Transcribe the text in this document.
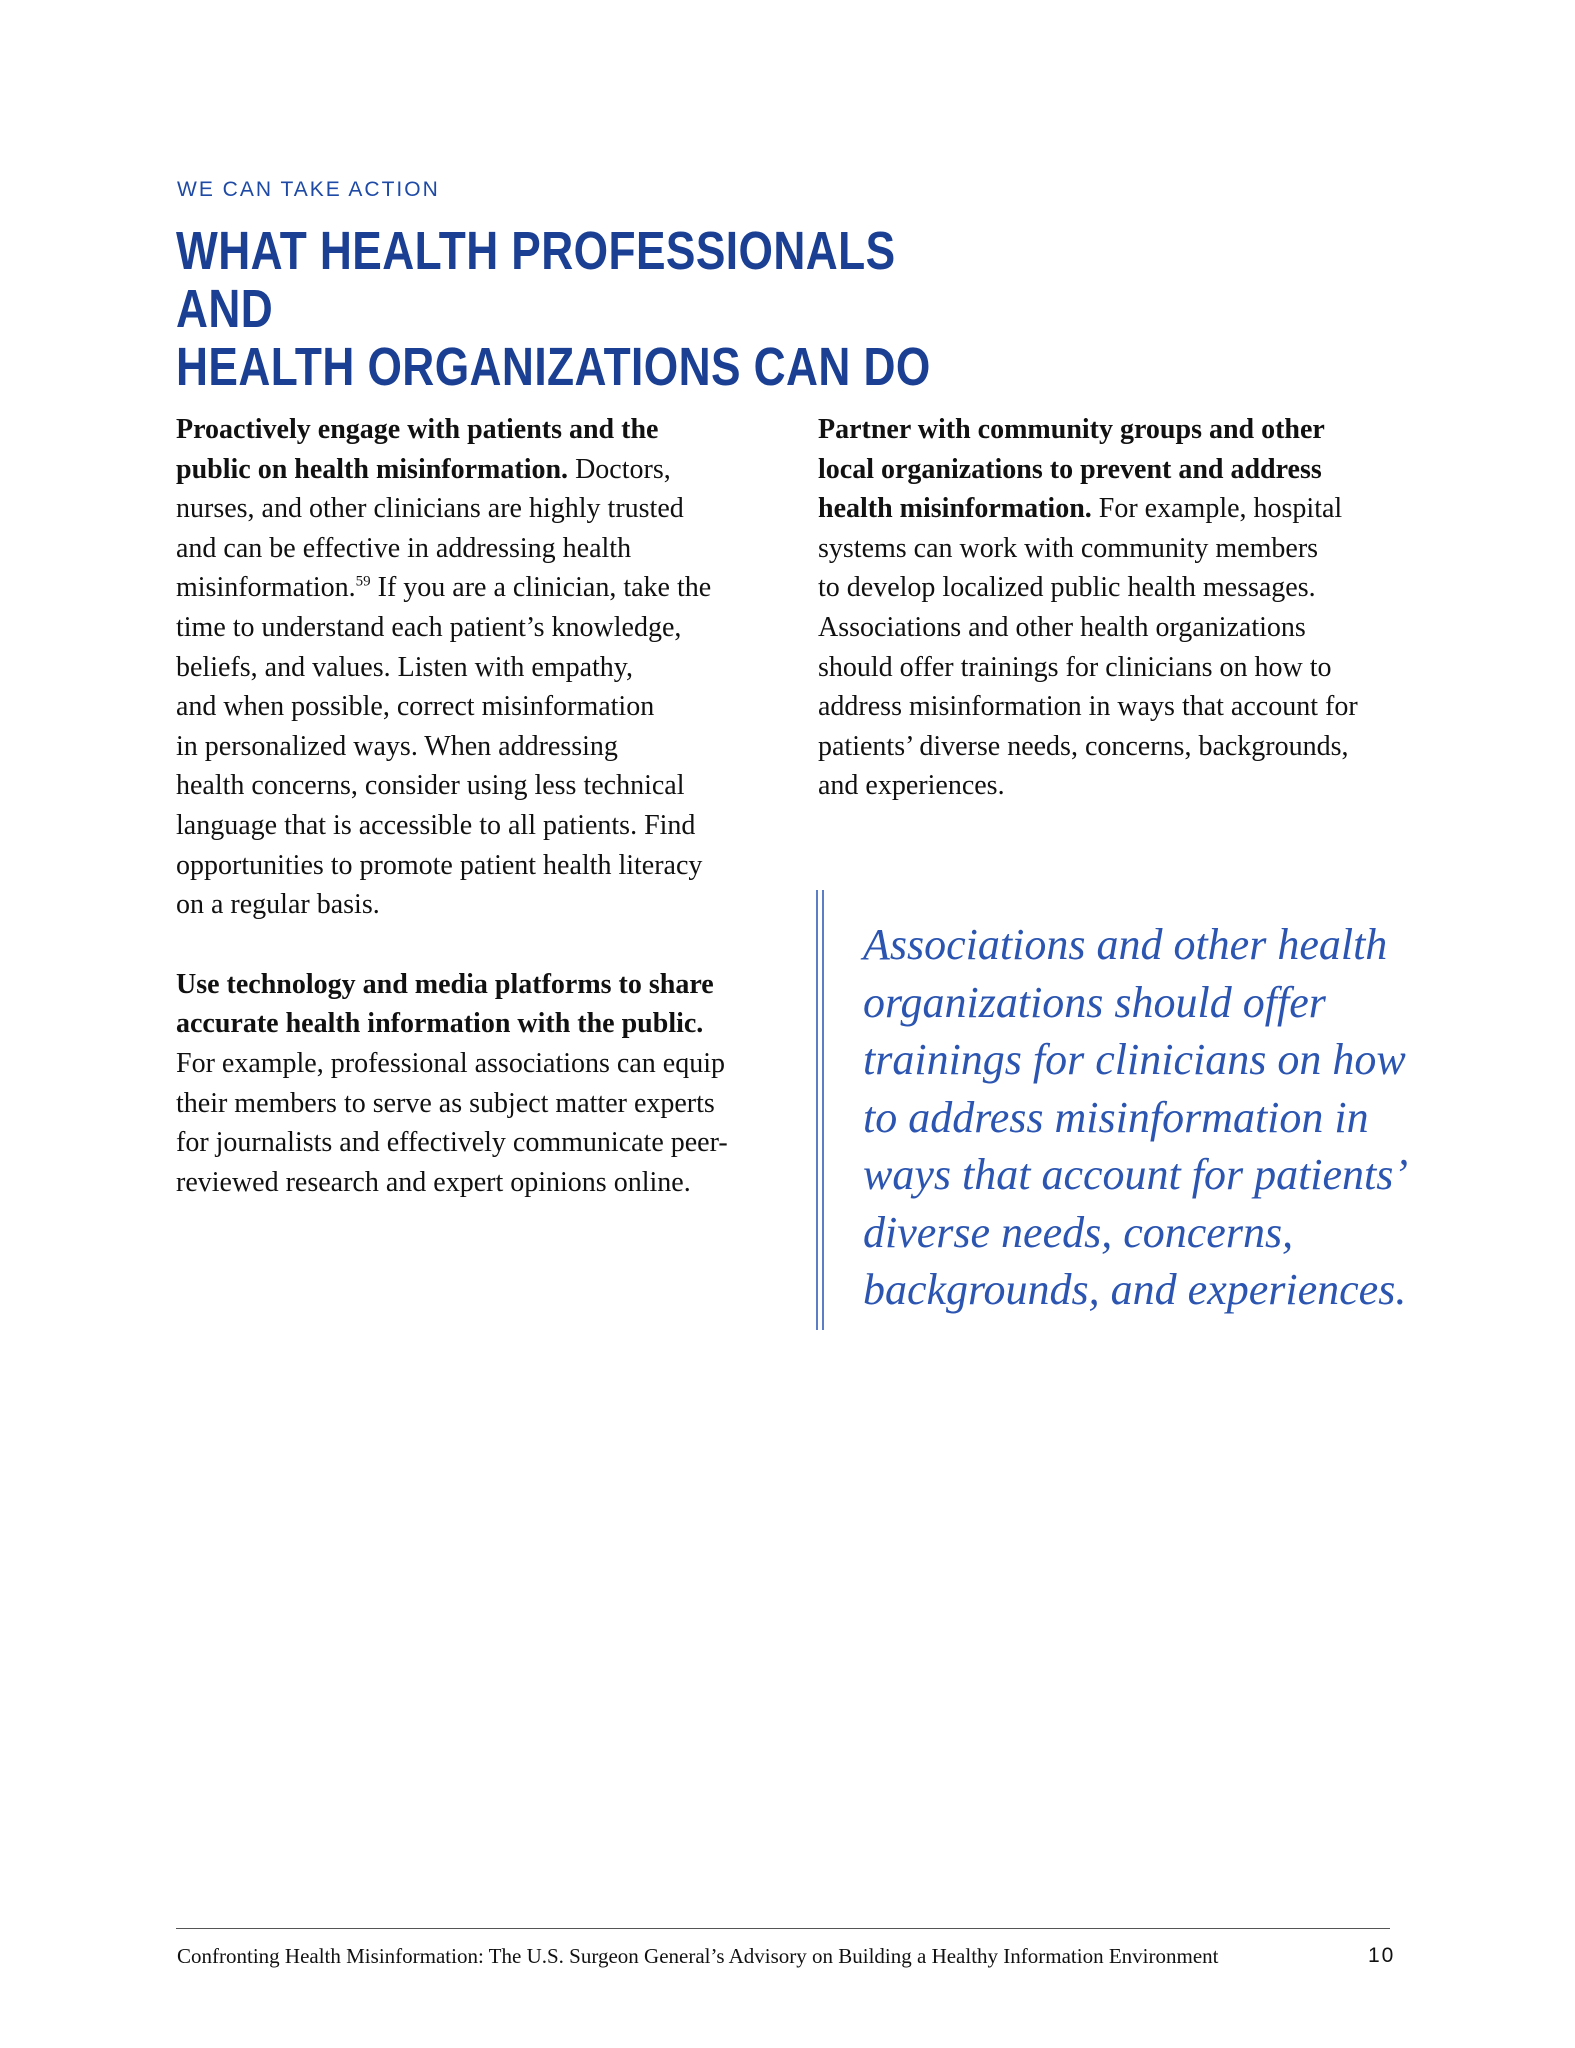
WE CAN TAKE ACTION
WHAT HEALTH PROFESSIONALS AND
HEALTH ORGANIZATIONS CAN DO

Proactively engage with patients and the
public on health misinformation. Doctors,
nurses, and other clinicians are highly trusted
and can be effective in addressing health
misinformation.$^{59}$ If you are a clinician, take the
time to understand each patient’s knowledge,
beliefs, and values. Listen with empathy,
and when possible, correct misinformation
in personalized ways. When addressing
health concerns, consider using less technical
language that is accessible to all patients. Find
opportunities to promote patient health literacy
on a regular basis.

Use technology and media platforms to share
accurate health information with the public.
For example, professional associations can equip
their members to serve as subject matter experts
for journalists and effectively communicate peer-
reviewed research and expert opinions online.

Partner with community groups and other
local organizations to prevent and address
health misinformation. For example, hospital
systems can work with community members
to develop localized public health messages.
Associations and other health organizations
should offer trainings for clinicians on how to
address misinformation in ways that account for
patients’ diverse needs, concerns, backgrounds,
and experiences.

Associations and other health
organizations should offer
trainings for clinicians on how
to address misinformation in
ways that account for patients’
diverse needs, concerns,
backgrounds, and experiences.
Confronting Health Misinformation: The U.S. Surgeon General’s Advisory on Building a Healthy Information Environment	10
